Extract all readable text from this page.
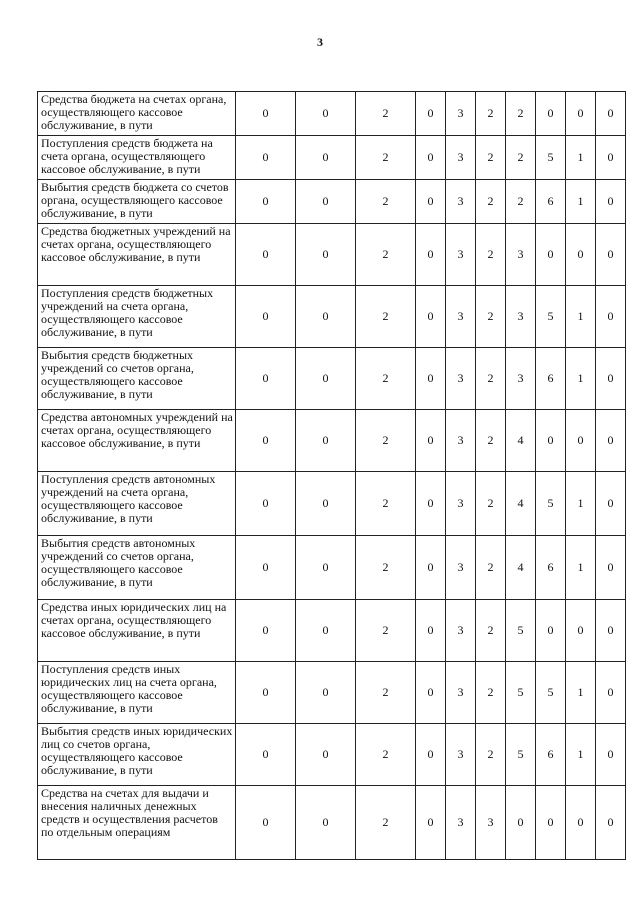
3
Средства бюджета на счетах органа, осуществляющего кассовое обслуживание, в пути	0	0	2	0	3	2	2	0	0	0
Поступления средств бюджета на счета органа, осуществляющего кассовое обслуживание, в пути	0	0	2	0	3	2	2	5	1	0
Выбытия средств бюджета со счетов органа, осуществляющего кассовое обслуживание, в пути	0	0	2	0	3	2	2	6	1	0
Средства бюджетных учреждений на счетах органа, осуществляющего кассовое обслуживание, в пути	0	0	2	0	3	2	3	0	0	0
Поступления средств бюджетных учреждений на счета органа, осуществляющего кассовое обслуживание, в пути	0	0	2	0	3	2	3	5	1	0
Выбытия средств бюджетных учреждений со счетов органа, осуществляющего кассовое обслуживание, в пути	0	0	2	0	3	2	3	6	1	0
Средства автономных учреждений на счетах органа, осуществляющего кассовое обслуживание, в пути	0	0	2	0	3	2	4	0	0	0
Поступления средств автономных учреждений на счета органа, осуществляющего кассовое обслуживание, в пути	0	0	2	0	3	2	4	5	1	0
Выбытия средств автономных учреждений со счетов органа, осуществляющего кассовое обслуживание, в пути	0	0	2	0	3	2	4	6	1	0
Средства иных юридических лиц на счетах органа, осуществляющего кассовое обслуживание, в пути	0	0	2	0	3	2	5	0	0	0
Поступления средств иных юридических лиц на счета органа, осуществляющего кассовое обслуживание, в пути	0	0	2	0	3	2	5	5	1	0
Выбытия средств иных юридических лиц со счетов органа, осуществляющего кассовое обслуживание, в пути	0	0	2	0	3	2	5	6	1	0
Средства на счетах для выдачи и внесения наличных денежных средств и осуществления расчетов по отдельным операциям	0	0	2	0	3	3	0	0	0	0
